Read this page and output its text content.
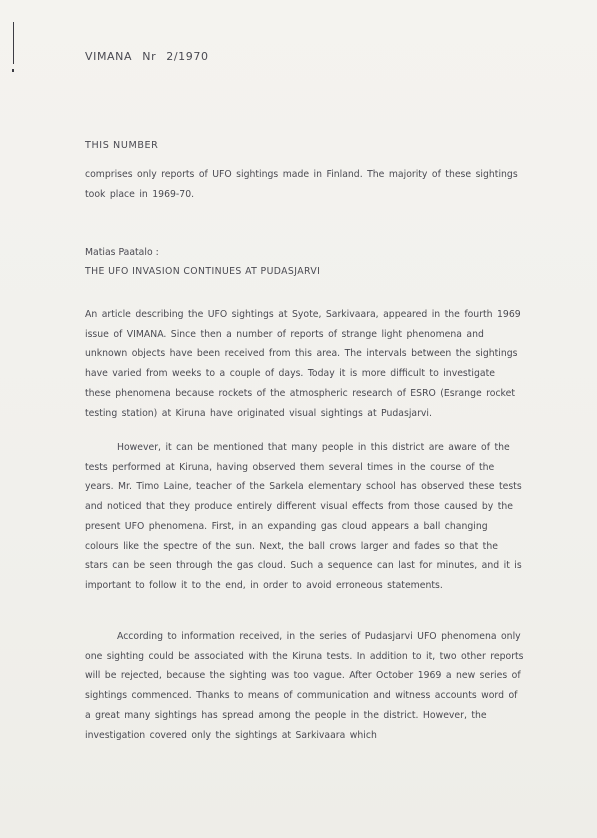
VIMANA Nr 2/1970
THIS NUMBER

comprises only reports of UFO sightings made in Finland. The majority of these sightings took place in 1969-70.

Matias Paatalo :
THE UFO INVASION CONTINUES AT PUDASJARVI

An article describing the UFO sightings at Syote, Sarkivaara, appeared in the fourth 1969 issue of VIMANA. Since then a number of reports of strange light phenomena and unknown objects have been received from this area. The intervals between the sightings have varied from weeks to a couple of days. Today it is more difficult to investigate these phenomena because rockets of the atmospheric research of ESRO (Esrange rocket testing station) at Kiruna have originated visual sightings at Pudasjarvi.

However, it can be mentioned that many people in this district are aware of the tests performed at Kiruna, having observed them several times in the course of the years. Mr. Timo Laine, teacher of the Sarkela elementary school has observed these tests and noticed that they produce entirely different visual effects from those caused by the present UFO phenomena. First, in an expanding gas cloud appears a ball changing colours like the spectre of the sun. Next, the ball crows larger and fades so that the stars can be seen through the gas cloud. Such a sequence can last for minutes, and it is important to follow it to the end, in order to avoid erroneous statements.

According to information received, in the series of Pudasjarvi UFO phenomena only one sighting could be associated with the Kiruna tests. In addition to it, two other reports will be rejected, because the sighting was too vague. After October 1969 a new series of sightings commenced. Thanks to means of communication and witness accounts word of a great many sightings has spread among the people in the district. However, the investigation covered only the sightings at Sarkivaara which
